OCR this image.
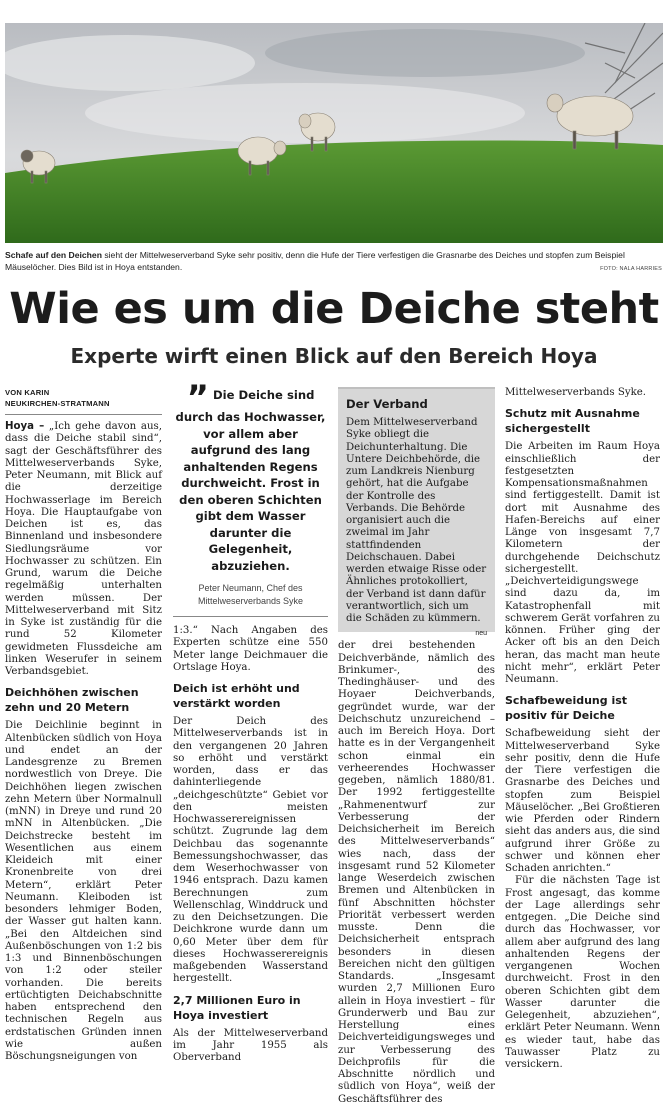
Schafe auf den Deichen sieht der Mittelweserverband Syke sehr positiv, denn die Hufe der Tiere verfestigen die Grasnarbe des Deiches und stopfen zum Beispiel Mäuselöcher. Dies Bild ist in Hoya entstanden.	FOTO: NALA HARRIES
Wie es um die Deiche steht
Experte wirft einen Blick auf den Bereich Hoya
VON KARIN
NEUKIRCHEN-STRATMANN

Hoya – „Ich gehe davon aus, dass die Deiche stabil sind“, sagt der Geschäftsführer des Mittelweserverbands Syke, Peter Neumann, mit Blick auf die derzeitige Hochwasserlage im Bereich Hoya. Die Hauptaufgabe von Deichen ist es, das Binnenland und insbesondere Siedlungsräume vor Hochwasser zu schützen. Ein Grund, warum die Deiche regelmäßig unterhalten werden müssen. Der Mittelweserverband mit Sitz in Syke ist zuständig für die rund 52 Kilometer gewidmeten Flussdeiche am linken Weserufer in seinem Verbandsgebiet.

Deichhöhen zwischen zehn und 20 Metern

Die Deichlinie beginnt in Altenbücken südlich von Hoya und endet an der Landesgrenze zu Bremen nordwestlich von Dreye. Die Deichhöhen liegen zwischen zehn Metern über Normalnull (mNN) in Dreye und rund 20 mNN in Altenbücken. „Die Deichstrecke besteht im Wesentlichen aus einem Kleideich mit einer Kronenbreite von drei Metern“, erklärt Peter Neumann. Kleiboden ist besonders lehmiger Boden, der Wasser gut halten kann. „Bei den Altdeichen sind Außenböschungen von 1:2 bis 1:3 und Binnenböschungen von 1:2 oder steiler vorhanden. Die bereits ertüchtigten Deichabschnitte haben entsprechend den technischen Regeln aus erdstatischen Gründen innen wie außen Böschungsneigungen von

” Die Deiche sind durch das Hochwasser, vor allem aber aufgrund des lang anhaltenden Regens durchweicht. Frost in den oberen Schichten gibt dem Wasser darunter die Gelegenheit, abzuziehen.
Peter Neumann, Chef des Mittelweserverbands Syke

1:3.“ Nach Angaben des Experten schütze eine 550 Meter lange Deichmauer die Ortslage Hoya.

Deich ist erhöht und verstärkt worden

Der Deich des Mittelweserverbands ist in den vergangenen 20 Jahren so erhöht und verstärkt worden, dass er das dahinterliegende „deichgeschützte“ Gebiet vor den meisten Hochwasserereignissen schützt. Zugrunde lag dem Deichbau das sogenannte Bemessungshochwasser, das dem Weserhochwasser von 1946 entsprach. Dazu kamen Berechnungen zum Wellenschlag, Winddruck und zu den Deichsetzungen. Die Deichkrone wurde dann um 0,60 Meter über dem für dieses Hochwasserereignis maßgebenden Wasserstand hergestellt.

2,7 Millionen Euro in Hoya investiert

Als der Mittelweserverband im Jahr 1955 als Oberverband

Der Verband

Dem Mittelweserverband Syke obliegt die Deichunterhaltung. Die Untere Deichbehörde, die zum Landkreis Nienburg gehört, hat die Aufgabe der Kontrolle des Verbands. Die Behörde organisiert auch die zweimal im Jahr stattfindenden Deichschauen. Dabei werden etwaige Risse oder Ähnliches protokolliert, der Verband ist dann dafür verantwortlich, sich um die Schäden zu kümmern.
neu

der drei bestehenden Deichverbände, nämlich des Brinkumer-, des Thedinghäuser- und des Hoyaer Deichverbands, gegründet wurde, war der Deichschutz unzureichend – auch im Bereich Hoya. Dort hatte es in der Vergangenheit schon einmal ein verheerendes Hochwasser gegeben, nämlich 1880/81. Der 1992 fertiggestellte „Rahmenentwurf zur Verbesserung der Deichsicherheit im Bereich des Mittelweserverbands“ wies nach, dass der insgesamt rund 52 Kilometer lange Weserdeich zwischen Bremen und Altenbücken in fünf Abschnitten höchster Priorität verbessert werden musste. Denn die Deichsicherheit entsprach besonders in diesen Bereichen nicht den gültigen Standards. „Insgesamt wurden 2,7 Millionen Euro allein in Hoya investiert – für Grunderwerb und Bau zur Herstellung eines Deichverteidigungsweges und zur Verbesserung des Deichprofils für die Abschnitte nördlich und südlich von Hoya“, weiß der Geschäftsführer des

Mittelweserverbands Syke.

Schutz mit Ausnahme sichergestellt

Die Arbeiten im Raum Hoya einschließlich der festgesetzten Kompensationsmaßnahmen sind fertiggestellt. Damit ist dort mit Ausnahme des Hafen-Bereichs auf einer Länge von insgesamt 7,7 Kilometern der durchgehende Deichschutz sichergestellt. „Deichverteidigungswege sind dazu da, im Katastrophenfall mit schwerem Gerät vorfahren zu können. Früher ging der Acker oft bis an den Deich heran, das macht man heute nicht mehr“, erklärt Peter Neumann.

Schafbeweidung ist positiv für Deiche

Schafbeweidung sieht der Mittelweserverband Syke sehr positiv, denn die Hufe der Tiere verfestigen die Grasnarbe des Deiches und stopfen zum Beispiel Mäuselöcher. „Bei Großtieren wie Pferden oder Rindern sieht das anders aus, die sind aufgrund ihrer Größe zu schwer und können eher Schaden anrichten.“

Für die nächsten Tage ist Frost angesagt, das komme der Lage allerdings sehr entgegen. „Die Deiche sind durch das Hochwasser, vor allem aber aufgrund des lang anhaltenden Regens der vergangenen Wochen durchweicht. Frost in den oberen Schichten gibt dem Wasser darunter die Gelegenheit, abzuziehen“, erklärt Peter Neumann. Wenn es wieder taut, habe das Tauwasser Platz zu versickern.
